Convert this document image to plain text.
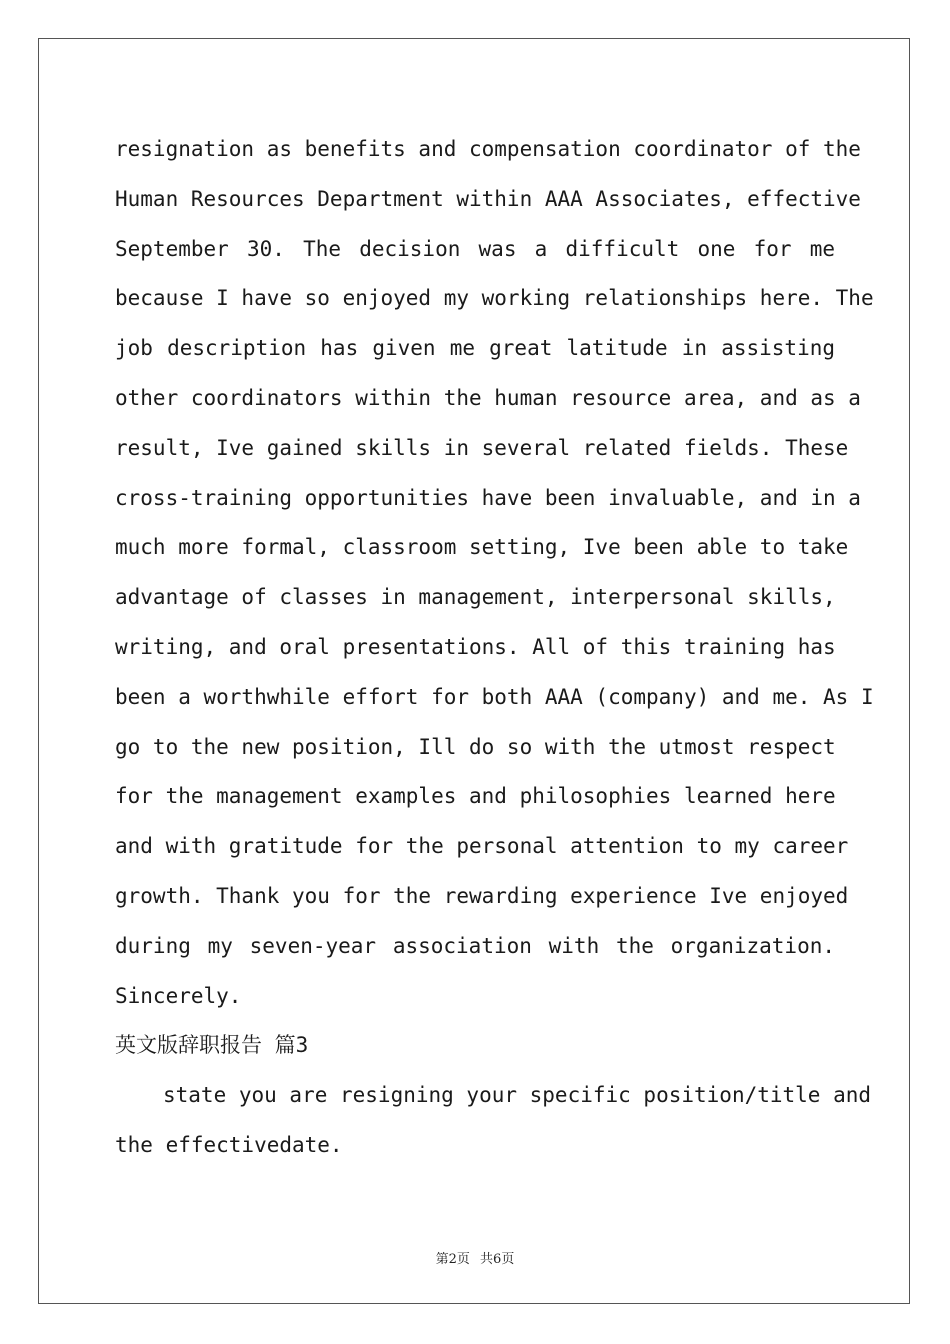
resignation as benefits and compensation coordinator of the
Human Resources Department within AAA Associates, effective
September 30. The decision was a difficult one for me
because I have so enjoyed my working relationships here. The
job description has given me great latitude in assisting
other coordinators within the human resource area, and as a
result, Ive gained skills in several related fields. These
cross-training opportunities have been invaluable, and in a
much more formal, classroom setting, Ive been able to take
advantage of classes in management, interpersonal skills,
writing, and oral presentations. All of this training has
been a worthwhile effort for both AAA (company) and me. As I
go to the new position, Ill do so with the utmost respect
for the management examples and philosophies learned here
and with gratitude for the personal attention to my career
growth. Thank you for the rewarding experience Ive enjoyed
during my seven-year association with the organization.
Sincerely.
英文版辞职报告 篇3
state you are resigning your specific position/title and
the effectivedate.
第2页 共6页
